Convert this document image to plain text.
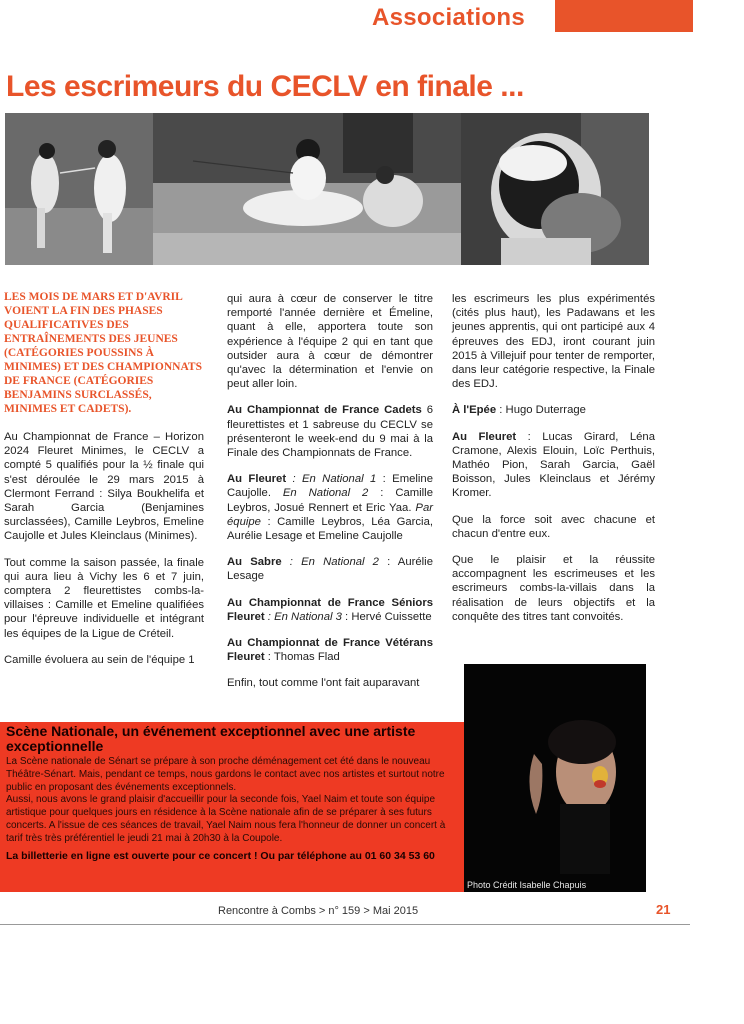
Associations
Les escrimeurs du CECLV en finale ...

LES MOIS DE MARS ET D'AVRIL VOIENT LA FIN DES PHASES QUALIFICATIVES DES ENTRAÎNEMENTS DES JEUNES (CATÉGORIES POUSSINS À MINIMES) ET DES CHAMPIONNATS DE FRANCE (CATÉGORIES BENJAMINS SURCLASSÉS, MINIMES ET CADETS).

Au Championnat de France – Horizon 2024 Fleuret Minimes, le CECLV a compté 5 qualifiés pour la ½ finale qui s'est déroulée le 29 mars 2015 à Clermont Ferrand : Silya Boukhelifa et Sarah Garcia (Benjamines surclassées), Camille Leybros, Emeline Caujolle et Jules Kleinclaus (Minimes).

Tout comme la saison passée, la finale qui aura lieu à Vichy les 6 et 7 juin, comptera 2 fleurettistes combs-la-villaises : Camille et Emeline qualifiées pour l'épreuve individuelle et intégrant les équipes de la Ligue de Créteil.

Camille évoluera au sein de l'équipe 1

qui aura à cœur de conserver le titre remporté l'année dernière et Émeline, quant à elle, apportera toute son expérience à l'équipe 2 qui en tant que outsider aura à cœur de démontrer qu'avec la détermination et l'envie on peut aller loin.

Au Championnat de France Cadets 6 fleurettistes et 1 sabreuse du CECLV se présenteront le week-end du 9 mai à la Finale des Championnats de France.

Au Fleuret : En National 1 : Emeline Caujolle. En National 2 : Camille Leybros, Josué Rennert et Eric Yaa. Par équipe : Camille Leybros, Léa Garcia, Aurélie Lesage et Emeline Caujolle

Au Sabre : En National 2 : Aurélie Lesage

Au Championnat de France Séniors Fleuret : En National 3 : Hervé Cuissette

Au Championnat de France Vétérans Fleuret : Thomas Flad

Enfin, tout comme l'ont fait auparavant

les escrimeurs les plus expérimentés (cités plus haut), les Padawans et les jeunes apprentis, qui ont participé aux 4 épreuves des EDJ, iront courant juin 2015 à Villejuif pour tenter de remporter, dans leur catégorie respective, la Finale des EDJ.

À l'Epée : Hugo Duterrage

Au Fleuret : Lucas Girard, Léna Cramone, Alexis Elouin, Loïc Perthuis, Mathéo Pion, Sarah Garcia, Gaël Boisson, Jules Kleinclaus et Jérémy Kromer.

Que la force soit avec chacune et chacun d'entre eux.

Que le plaisir et la réussite accompagnent les escrimeuses et les escrimeurs combs-la-villais dans la réalisation de leurs objectifs et la conquête des titres tant convoités.

Scène Nationale, un événement exceptionnel avec une artiste exceptionnelle

La Scène nationale de Sénart se prépare à son proche déménagement cet été dans le nouveau Théâtre-Sénart. Mais, pendant ce temps, nous gardons le contact avec nos artistes et surtout notre public en proposant des événements exceptionnels.

Aussi, nous avons le grand plaisir d'accueillir pour la seconde fois, Yael Naim et toute son équipe artistique pour quelques jours en résidence à la Scène nationale afin de se préparer à ses futurs concerts. A l'issue de ces séances de travail, Yael Naim nous fera l'honneur de donner un concert à tarif très très préférentiel le jeudi 21 mai à 20h30 à la Coupole.

La billetterie en ligne est ouverte pour ce concert ! Ou par téléphone au 01 60 34 53 60

Photo Crédit Isabelle Chapuis
Rencontre à Combs > n° 159 > Mai 2015	21
